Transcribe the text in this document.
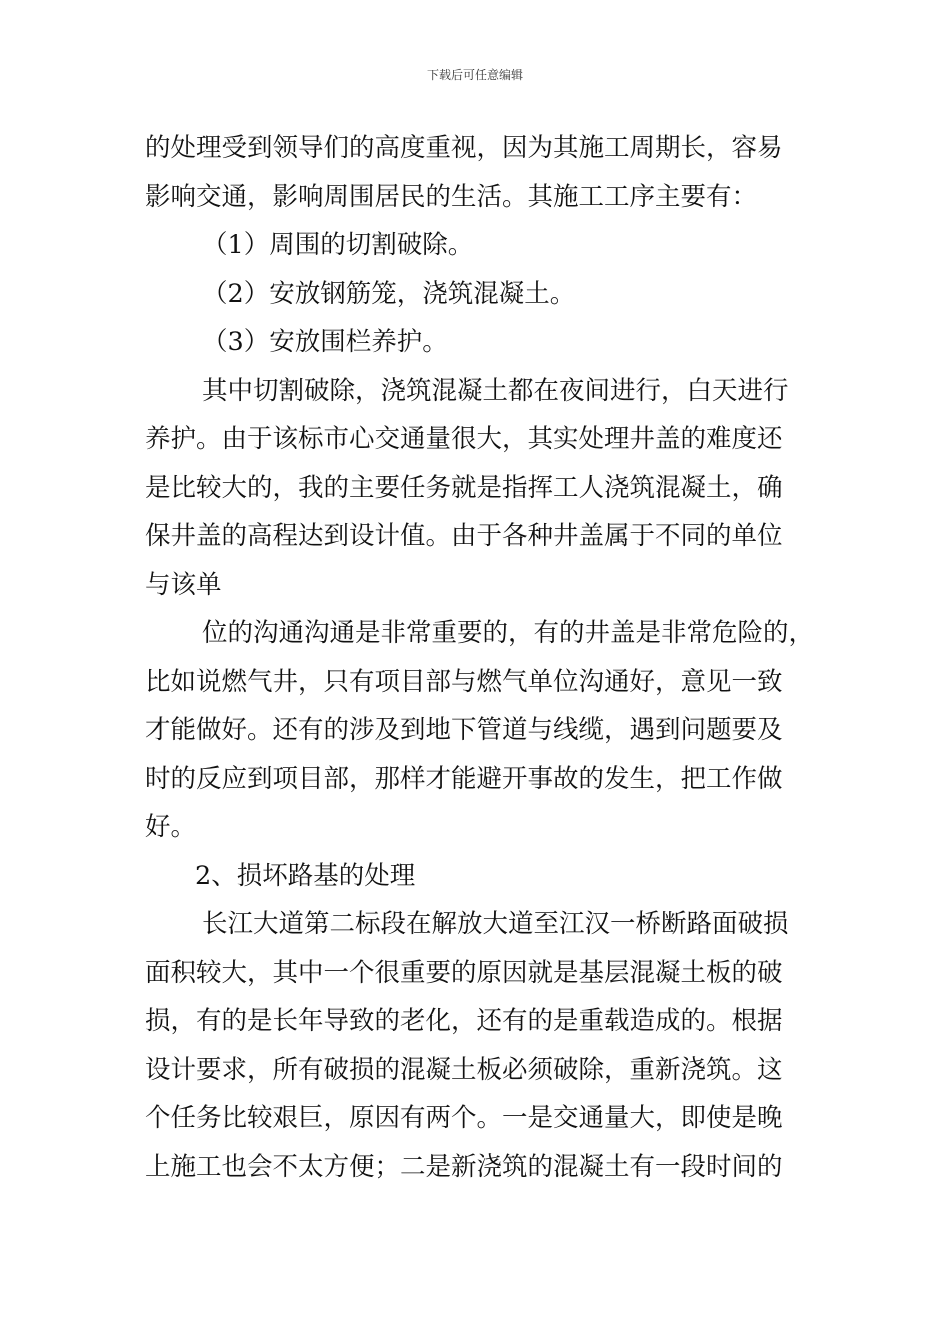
下载后可任意编辑
的处理受到领导们的高度重视，因为其施工周期长，容易
影响交通，影响周围居民的生活。其施工工序主要有：
（1）周围的切割破除。
（2）安放钢筋笼，浇筑混凝土。
（3）安放围栏养护。
其中切割破除，浇筑混凝土都在夜间进行，白天进行
养护。由于该标市心交通量很大，其实处理井盖的难度还
是比较大的，我的主要任务就是指挥工人浇筑混凝土，确
保井盖的高程达到设计值。由于各种井盖属于不同的单位
与该单
位的沟通沟通是非常重要的，有的井盖是非常危险的，
比如说燃气井，只有项目部与燃气单位沟通好，意见一致
才能做好。还有的涉及到地下管道与线缆，遇到问题要及
时的反应到项目部，那样才能避开事故的发生，把工作做
好。
2、损坏路基的处理
长江大道第二标段在解放大道至江汉一桥断路面破损
面积较大，其中一个很重要的原因就是基层混凝土板的破
损，有的是长年导致的老化，还有的是重载造成的。根据
设计要求，所有破损的混凝土板必须破除，重新浇筑。这
个任务比较艰巨，原因有两个。一是交通量大，即使是晚
上施工也会不太方便；二是新浇筑的混凝土有一段时间的
